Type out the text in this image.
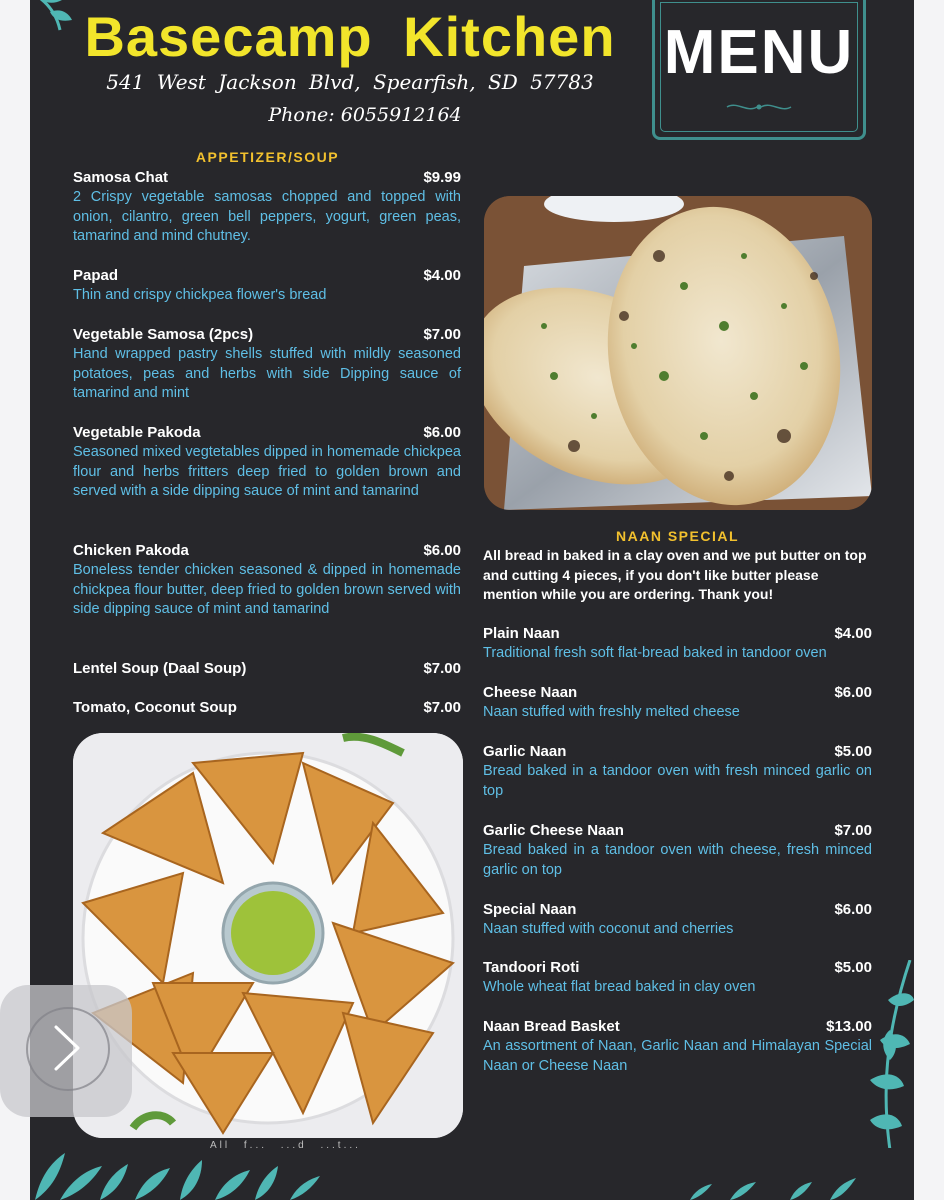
Basecamp Kitchen
541 West Jackson Blvd, Spearfish, SD 57783
Phone: 6055912164
MENU
APPETIZER/SOUP
Samosa Chat	$9.99
2 Crispy vegetable samosas chopped and topped with onion, cilantro, green bell peppers, yogurt, green peas, tamarind and mind chutney.
Papad	$4.00
Thin and crispy chickpea flower's bread
Vegetable Samosa (2pcs)	$7.00
Hand wrapped pastry shells stuffed with mildly seasoned potatoes, peas and herbs with side Dipping sauce of tamarind and mint
Vegetable Pakoda	$6.00
Seasoned mixed vegtetables dipped in homemade chickpea flour and herbs fritters deep fried to golden brown and served with a side dipping sauce of mint and tamarind
Chicken Pakoda	$6.00
Boneless tender chicken seasoned & dipped in homemade chickpea flour butter, deep fried to golden brown served with side dipping sauce of mint and tamarind
Lentel Soup (Daal Soup)	$7.00
Tomato, Coconut Soup	$7.00
NAAN SPECIAL
All bread in baked in a clay oven and we put butter on top and cutting 4 pieces, if you don't like butter please mention while you are ordering. Thank you!
Plain Naan	$4.00
Traditional fresh soft flat-bread baked in tandoor oven
Cheese Naan	$6.00
Naan stuffed with freshly melted cheese
Garlic Naan	$5.00
Bread baked in a tandoor oven with fresh minced garlic on top
Garlic Cheese Naan	$7.00
Bread baked in a tandoor oven with cheese, fresh minced garlic on top
Special Naan	$6.00
Naan stuffed with coconut and cherries
Tandoori Roti	$5.00
Whole wheat flat bread baked in clay oven
Naan Bread Basket	$13.00
An assortment of Naan, Garlic Naan and Himalayan Special Naan or Cheese Naan
All f... ...d ...t...
